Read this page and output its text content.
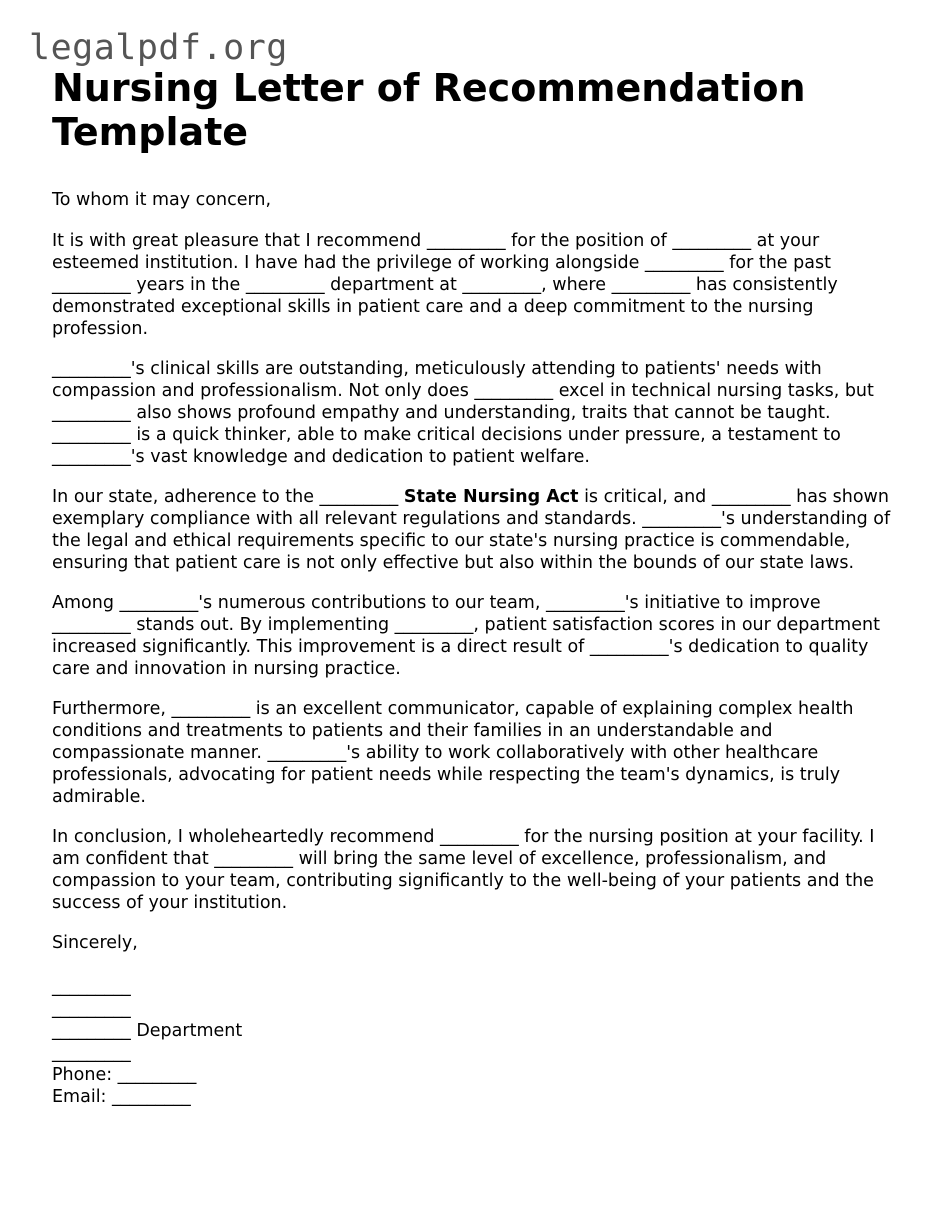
legalpdf.org
Nursing Letter of Recommendation Template
To whom it may concern,

It is with great pleasure that I recommend _________ for the position of _________ at your esteemed institution. I have had the privilege of working alongside _________ for the past _________ years in the _________ department at _________, where _________ has consistently demonstrated exceptional skills in patient care and a deep commitment to the nursing profession.

_________'s clinical skills are outstanding, meticulously attending to patients' needs with compassion and professionalism. Not only does _________ excel in technical nursing tasks, but _________ also shows profound empathy and understanding, traits that cannot be taught. _________ is a quick thinker, able to make critical decisions under pressure, a testament to _________'s vast knowledge and dedication to patient welfare.

In our state, adherence to the _________ State Nursing Act is critical, and _________ has shown exemplary compliance with all relevant regulations and standards. _________'s understanding of the legal and ethical requirements specific to our state's nursing practice is commendable, ensuring that patient care is not only effective but also within the bounds of our state laws.

Among _________'s numerous contributions to our team, _________'s initiative to improve _________ stands out. By implementing _________, patient satisfaction scores in our department increased significantly. This improvement is a direct result of _________'s dedication to quality care and innovation in nursing practice.

Furthermore, _________ is an excellent communicator, capable of explaining complex health conditions and treatments to patients and their families in an understandable and compassionate manner. _________'s ability to work collaboratively with other healthcare professionals, advocating for patient needs while respecting the team's dynamics, is truly admirable.

In conclusion, I wholeheartedly recommend _________ for the nursing position at your facility. I am confident that _________ will bring the same level of excellence, professionalism, and compassion to your team, contributing significantly to the well-being of your patients and the success of your institution.

Sincerely,
_________
_________
_________ Department
_________
Phone: _________
Email: _________
